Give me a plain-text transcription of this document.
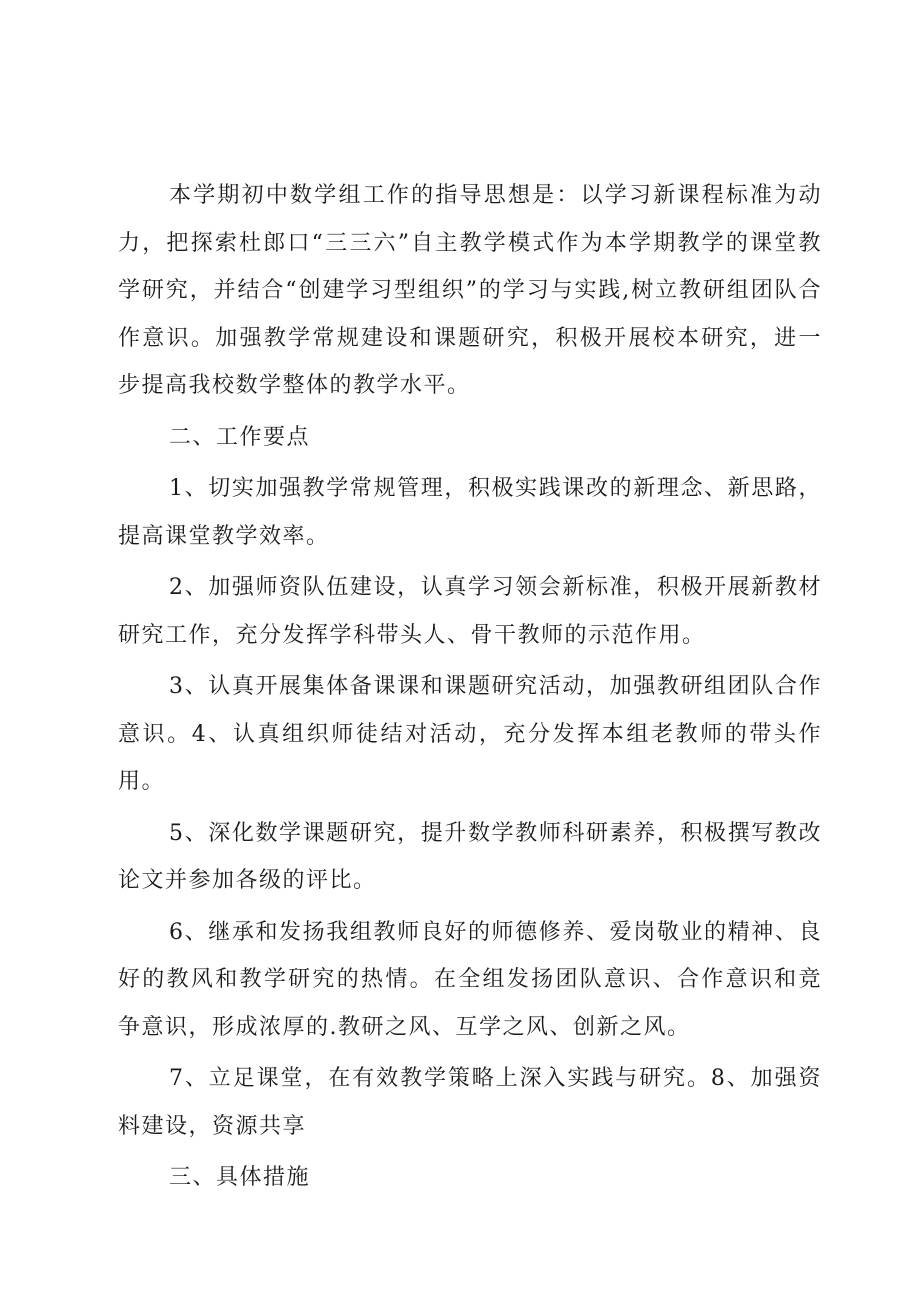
本学期初中数学组工作的指导思想是：以学习新课程标准为动力，把探索杜郎口“三三六”自主教学模式作为本学期教学的课堂教学研究，并结合“创建学习型组织”的学习与实践,树立教研组团队合作意识。加强教学常规建设和课题研究，积极开展校本研究，进一步提高我校数学整体的教学水平。

二、工作要点

1、切实加强教学常规管理，积极实践课改的新理念、新思路，提高课堂教学效率。

2、加强师资队伍建设，认真学习领会新标准，积极开展新教材研究工作，充分发挥学科带头人、骨干教师的示范作用。

3、认真开展集体备课课和课题研究活动，加强教研组团队合作意识。4、认真组织师徒结对活动，充分发挥本组老教师的带头作用。

5、深化数学课题研究，提升数学教师科研素养，积极撰写教改论文并参加各级的评比。

6、继承和发扬我组教师良好的师德修养、爱岗敬业的精神、良好的教风和教学研究的热情。在全组发扬团队意识、合作意识和竞争意识，形成浓厚的.教研之风、互学之风、创新之风。

7、立足课堂，在有效教学策略上深入实践与研究。8、加强资料建设，资源共享

三、具体措施
